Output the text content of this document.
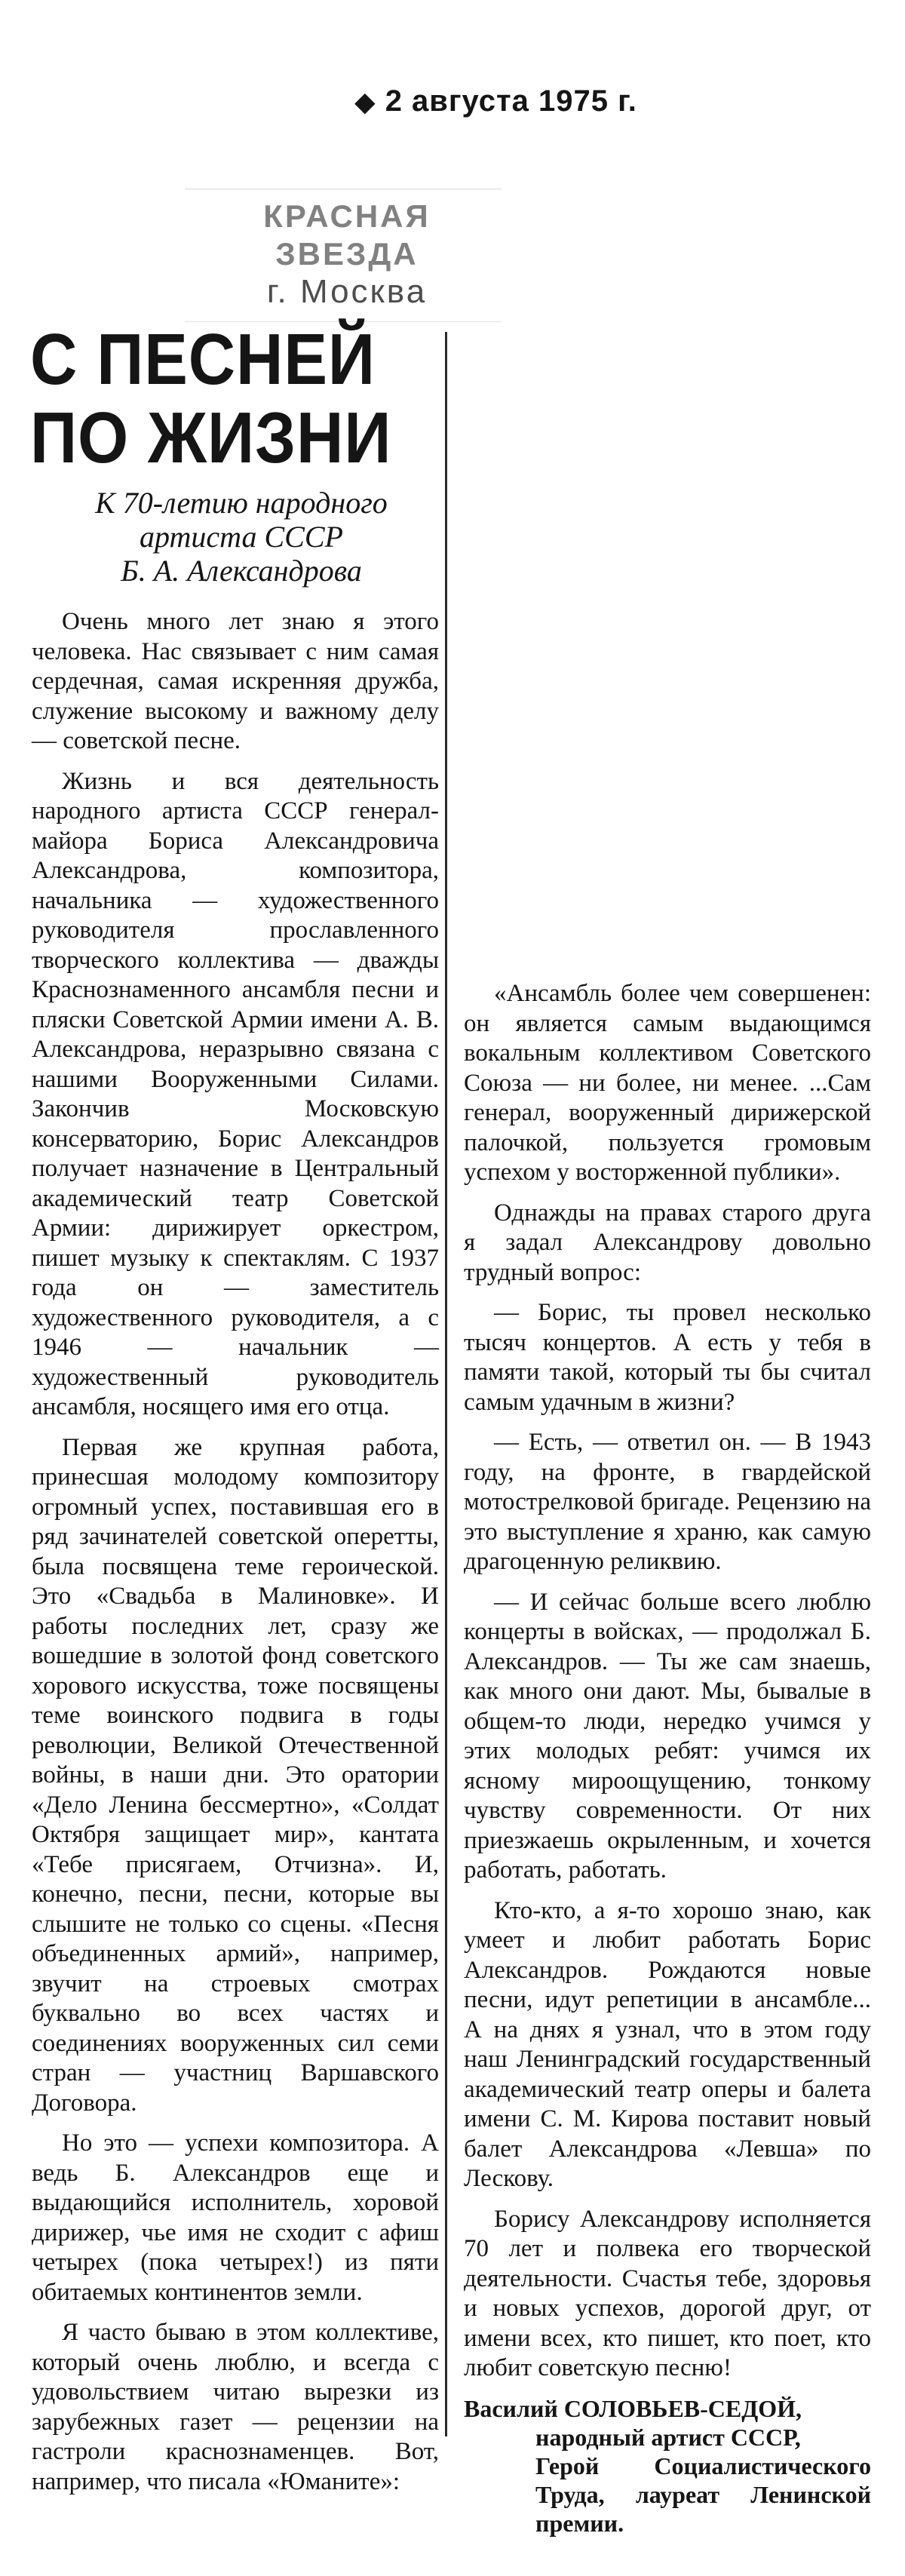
◆ 2 августа 1975 г.
КРАСНАЯ ЗВЕЗДА
г. Москва
С ПЕСНЕЙ
ПО ЖИЗНИ
К 70-летию народного
артиста СССР
Б. А. Александрова

Очень много лет знаю я этого человека. Нас связывает с ним самая сердечная, самая искренняя дружба, служение высокому и важному делу — советской песне.

Жизнь и вся деятельность народного артиста СССР генерал-майора Бориса Александровича Александрова, композитора, начальника — художественного руководителя прославленного творческого коллектива — дважды Краснознаменного ансамбля песни и пляски Советской Армии имени А. В. Александрова, неразрывно связана с нашими Вооруженными Силами. Закончив Московскую консерваторию, Борис Александров получает назначение в Центральный академический театр Советской Армии: дирижирует оркестром, пишет музыку к спектаклям. С 1937 года он — заместитель художественного руководителя, а с 1946 — начальник — художественный руководитель ансамбля, носящего имя его отца.

Первая же крупная работа, принесшая молодому композитору огромный успех, поставившая его в ряд зачинателей советской оперетты, была посвящена теме героической. Это «Свадьба в Малиновке». И работы последних лет, сразу же вошедшие в золотой фонд советского хорового искусства, тоже посвящены теме воинского подвига в годы революции, Великой Отечественной войны, в наши дни. Это оратории «Дело Ленина бессмертно», «Солдат Октября защищает мир», кантата «Тебе присягаем, Отчизна». И, конечно, песни, песни, которые вы слышите не только со сцены. «Песня объединенных армий», например, звучит на строевых смотрах буквально во всех частях и соединениях вооруженных сил семи стран — участниц Варшавского Договора.

Но это — успехи композитора. А ведь Б. Александров еще и выдающийся исполнитель, хоровой дирижер, чье имя не сходит с афиш четырех (пока четырех!) из пяти обитаемых континентов земли.

Я часто бываю в этом коллективе, который очень люблю, и всегда с удовольствием читаю вырезки из зарубежных газет — рецензии на гастроли краснознаменцев. Вот, например, что писала «Юманите»:

«Ансамбль более чем совершенен: он является самым выдающимся вокальным коллективом Советского Союза — ни более, ни менее. ...Сам генерал, вооруженный дирижерской палочкой, пользуется громовым успехом у восторженной публики».

Однажды на правах старого друга я задал Александрову довольно трудный вопрос:

— Борис, ты провел несколько тысяч концертов. А есть у тебя в памяти такой, который ты бы считал самым удачным в жизни?

— Есть, — ответил он. — В 1943 году, на фронте, в гвардейской мотострелковой бригаде. Рецензию на это выступление я храню, как самую драгоценную реликвию.

— И сейчас больше всего люблю концерты в войсках, — продолжал Б. Александров. — Ты же сам знаешь, как много они дают. Мы, бывалые в общем-то люди, нередко учимся у этих молодых ребят: учимся их ясному мироощущению, тонкому чувству современности. От них приезжаешь окрыленным, и хочется работать, работать.

Кто-кто, а я-то хорошо знаю, как умеет и любит работать Борис Александров. Рождаются новые песни, идут репетиции в ансамбле... А на днях я узнал, что в этом году наш Ленинградский государственный академический театр оперы и балета имени С. М. Кирова поставит новый балет Александрова «Левша» по Лескову.

Борису Александрову исполняется 70 лет и полвека его творческой деятельности. Счастья тебе, здоровья и новых успехов, дорогой друг, от имени всех, кто пишет, кто поет, кто любит советскую песню!

Василий СОЛОВЬЕВ-СЕДОЙ,
народный артист СССР,
Герой Социалистического Труда, лауреат Ленинской премии.
